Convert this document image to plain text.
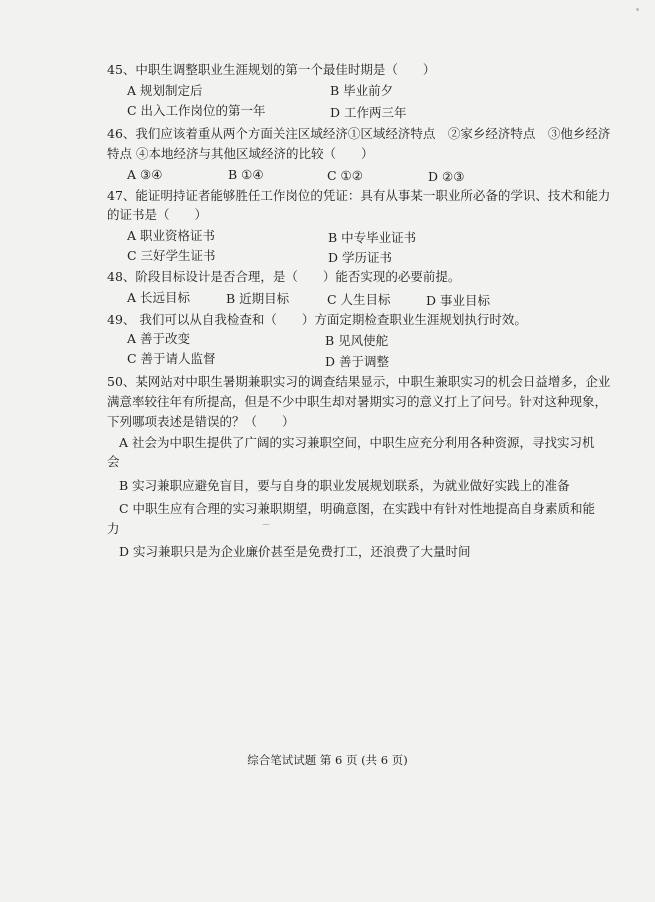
45、中职生调整职业生涯规划的第一个最佳时期是（　　）
A 规划制定后	B 毕业前夕
C 出入工作岗位的第一年	D 工作两三年
46、我们应该着重从两个方面关注区域经济①区域经济特点　②家乡经济特点　③他乡经济
特点 ④本地经济与其他区域经济的比较（　　）
A ③④	B ①④	C ①②	D ②③
47、能证明持证者能够胜任工作岗位的凭证：具有从事某一职业所必备的学识、技术和能力
的证书是（　　）
A 职业资格证书	B 中专毕业证书
C 三好学生证书	D 学历证书
48、阶段目标设计是否合理，是（　　）能否实现的必要前提。
A 长远目标	B 近期目标	C 人生目标	D 事业目标
49、 我们可以从自我检查和（　　）方面定期检查职业生涯规划执行时效。
A 善于改变	B 见风使舵
C 善于请人监督	D 善于调整
50、某网站对中职生暑期兼职实习的调查结果显示，中职生兼职实习的机会日益增多，企业
满意率较往年有所提高，但是不少中职生却对暑期实习的意义打上了问号。针对这种现象，
下列哪项表述是错误的？（　　）
A 社会为中职生提供了广阔的实习兼职空间，中职生应充分利用各种资源，寻找实习机
会
B 实习兼职应避免盲目，要与自身的职业发展规划联系，为就业做好实践上的准备
C 中职生应有合理的实习兼职期望，明确意图，在实践中有针对性地提高自身素质和能
力
D 实习兼职只是为企业廉价甚至是免费打工，还浪费了大量时间
综合笔试试题 第 6 页 (共 6 页)
